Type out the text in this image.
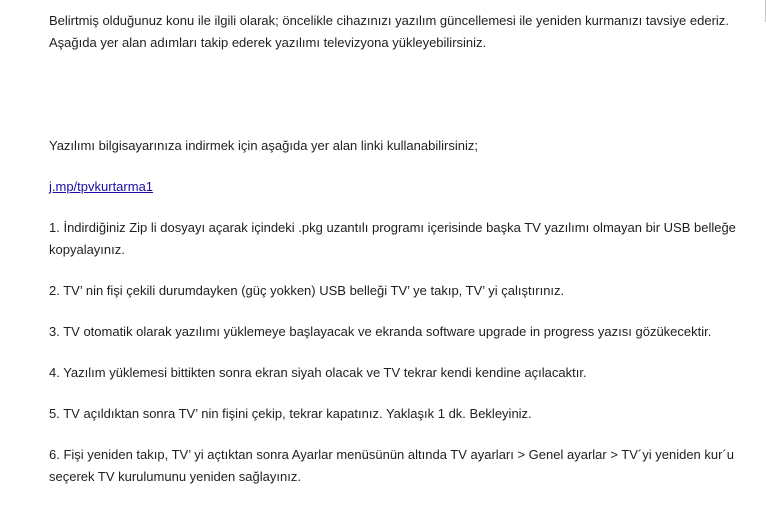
Belirtmiş olduğunuz konu ile ilgili olarak; öncelikle cihazınızı yazılım güncellemesi ile yeniden kurmanızı tavsiye ederiz. Aşağıda yer alan adımları takip ederek yazılımı televizyona yükleyebilirsiniz.

Yazılımı bilgisayarınıza indirmek için aşağıda yer alan linki kullanabilirsiniz;

j.mp/tpvkurtarma1

1. İndirdiğiniz Zip li dosyayı açarak içindeki .pkg uzantılı programı içerisinde başka TV yazılımı olmayan bir USB belleğe kopyalayınız.

2. TV’ nin fişi çekili durumdayken (güç yokken) USB belleği TV’ ye takıp, TV’ yi çalıştırınız.

3. TV otomatik olarak yazılımı yüklemeye başlayacak ve ekranda software upgrade in progress yazısı gözükecektir.

4. Yazılım yüklemesi bittikten sonra ekran siyah olacak ve TV tekrar kendi kendine açılacaktır.

5. TV açıldıktan sonra TV’ nin fişini çekip, tekrar kapatınız. Yaklaşık 1 dk. Bekleyiniz.

6. Fişi yeniden takıp, TV’ yi açtıktan sonra Ayarlar menüsünün altında TV ayarları > Genel ayarlar > TV´yi yeniden kur´u seçerek TV kurulumunu yeniden sağlayınız.
